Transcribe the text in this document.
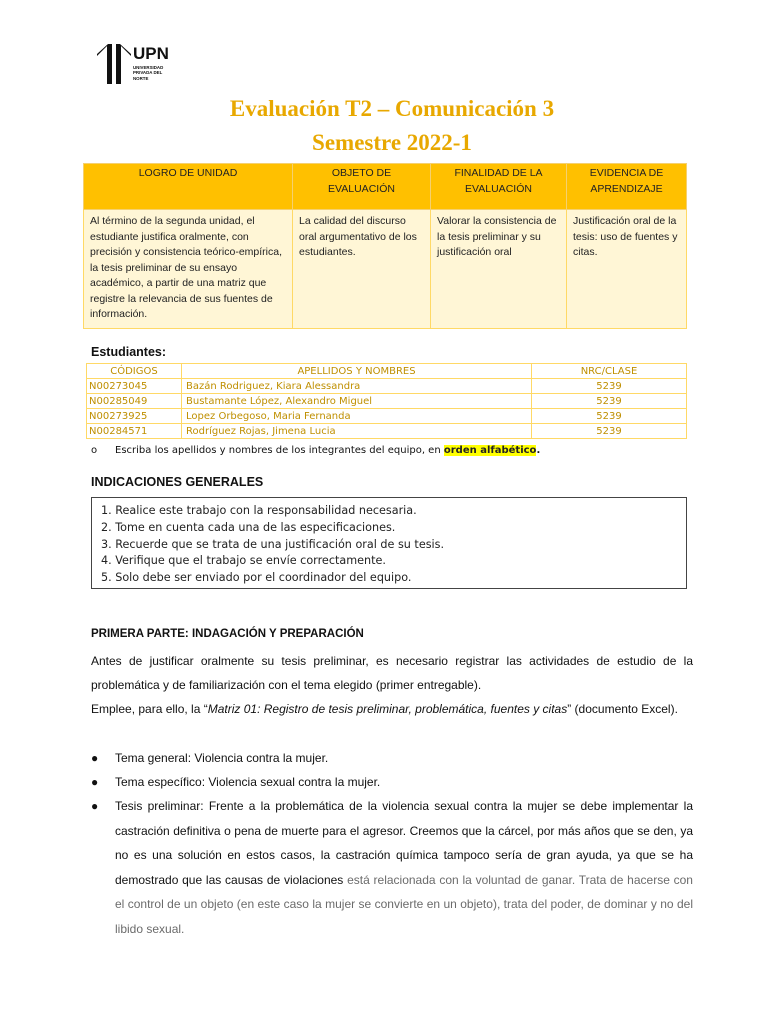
UPN
UNIVERSIDAD PRIVADA DEL NORTE
Evaluación T2 – Comunicación 3
Semestre 2022-1
LOGRO DE UNIDAD	OBJETO DE EVALUACIÓN	FINALIDAD DE LA EVALUACIÓN	EVIDENCIA DE APRENDIZAJE
Al término de la segunda unidad, el estudiante justifica oralmente, con precisión y consistencia teórico-empírica, la tesis preliminar de su ensayo académico, a partir de una matriz que registre la relevancia de sus fuentes de información.	La calidad del discurso oral argumentativo de los estudiantes.	Valorar la consistencia de la tesis preliminar y su justificación oral	Justificación oral de la tesis: uso de fuentes y citas.
Estudiantes:
CÓDIGOS	APELLIDOS Y NOMBRES	NRC/CLASE
N00273045	Bazán Rodriguez, Kiara Alessandra	5239
N00285049	Bustamante López, Alexandro Miguel	5239
N00273925	Lopez Orbegoso, Maria Fernanda	5239
N00284571	Rodríguez Rojas, Jimena Lucia	5239
o Escriba los apellidos y nombres de los integrantes del equipo, en orden alfabético.
INDICACIONES GENERALES
1. Realice este trabajo con la responsabilidad necesaria.
2. Tome en cuenta cada una de las especificaciones.
3. Recuerde que se trata de una justificación oral de su tesis.
4. Verifique que el trabajo se envíe correctamente.
5. Solo debe ser enviado por el coordinador del equipo.
PRIMERA PARTE: INDAGACIÓN Y PREPARACIÓN
Antes de justificar oralmente su tesis preliminar, es necesario registrar las actividades de estudio de la problemática y de familiarización con el tema elegido (primer entregable).
Emplee, para ello, la “Matriz 01: Registro de tesis preliminar, problemática, fuentes y citas” (documento Excel).
● Tema general: Violencia contra la mujer.
● Tema específico: Violencia sexual contra la mujer.
● Tesis preliminar: Frente a la problemática de la violencia sexual contra la mujer se debe implementar la castración definitiva o pena de muerte para el agresor. Creemos que la cárcel, por más años que se den, ya no es una solución en estos casos, la castración química tampoco sería de gran ayuda, ya que se ha demostrado que las causas de violaciones está relacionada con la voluntad de ganar. Trata de hacerse con el control de un objeto (en este caso la mujer se convierte en un objeto), trata del poder, de dominar y no del libido sexual.
